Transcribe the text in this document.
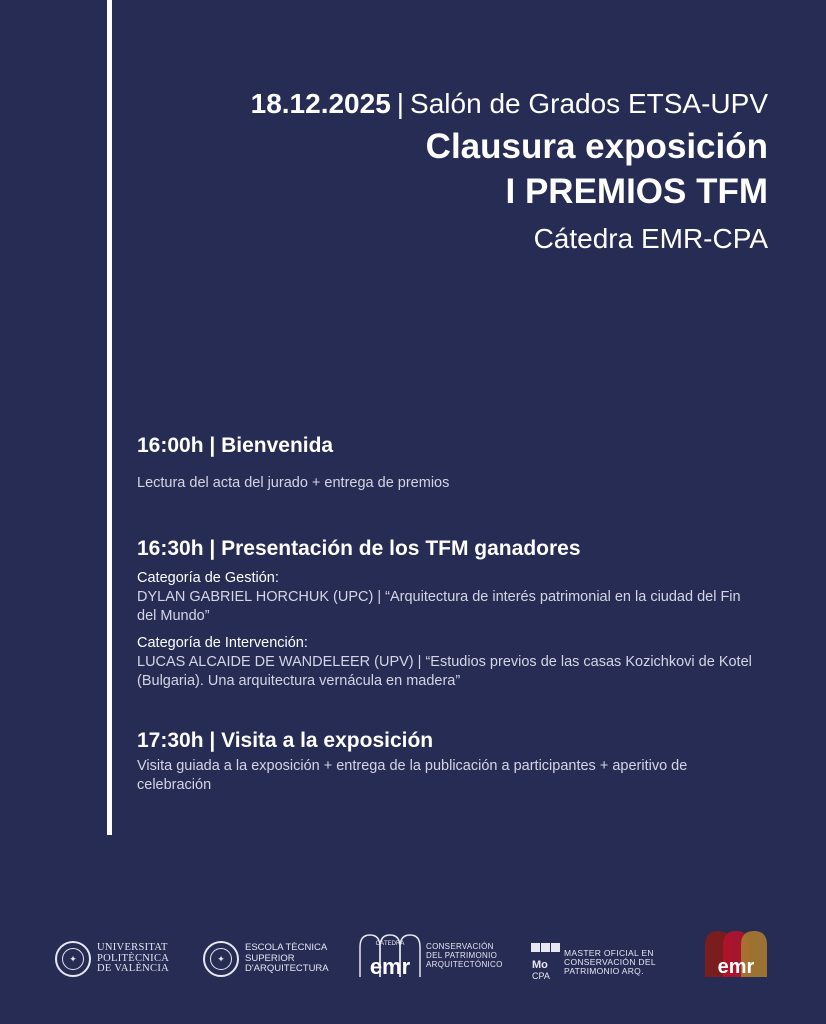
18.12.2025 | Salón de Grados ETSA-UPV
Clausura exposición
I PREMIOS TFM
Cátedra EMR-CPA
16:00h | Bienvenida
Lectura del acta del jurado + entrega de premios
16:30h | Presentación de los TFM ganadores
Categoría de Gestión:
DYLAN GABRIEL HORCHUK (UPC) | “Arquitectura de interés patrimonial en la ciudad del Fin del Mundo”
Categoría de Intervención:
LUCAS ALCAIDE DE WANDELEER (UPV) | “Estudios previos de las casas Kozichkovi de Kotel (Bulgaria). Una arquitectura vernácula en madera”
17:30h | Visita a la exposición
Visita guiada a la exposición + entrega de la publicación a participantes + aperitivo de celebración
✦
UNIVERSITAT
POLITÈCNICA
DE VALÈNCIA
✦
ESCOLA TÈCNICA
SUPERIOR
D'ARQUITECTURA emr
CÁTEDRA	CONSERVACIÓN
DEL PATRIMONIO
ARQUITECTÓNICO	Mo
CPA
MASTER OFICIAL EN
CONSERVACIÓN DEL
PATRIMONIO ARQ.	emr
